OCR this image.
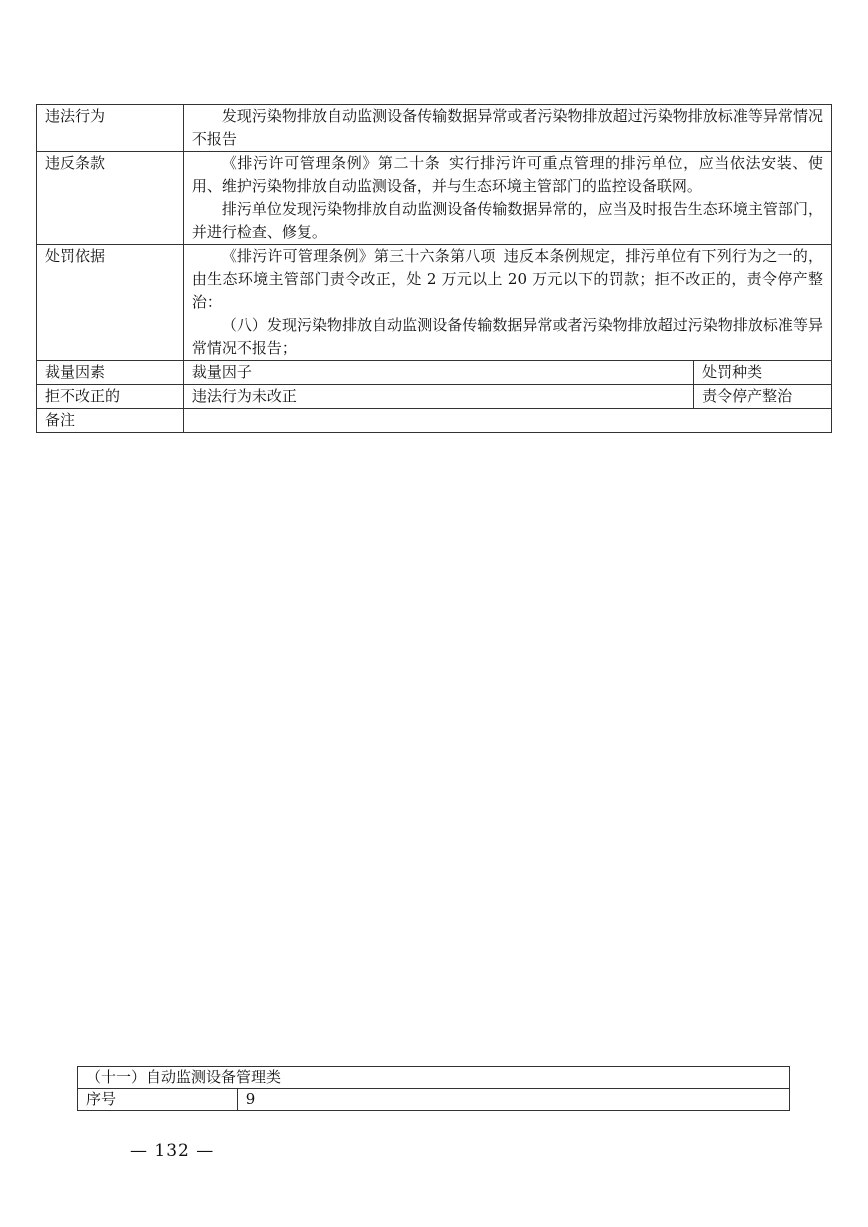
违法行为	发现污染物排放自动监测设备传输数据异常或者污染物排放超过污染物排放标准等异常情况不报告	

违反条款	《排污许可管理条例》第二十条 实行排污许可重点管理的排污单位，应当依法安装、使用、维护污染物排放自动监测设备，并与生态环境主管部门的监控设备联网。

排污单位发现污染物排放自动监测设备传输数据异常的，应当及时报告生态环境主管部门，并进行检查、修复。	

处罚依据	《排污许可管理条例》第三十六条第八项 违反本条例规定，排污单位有下列行为之一的，由生态环境主管部门责令改正，处 2 万元以上 20 万元以下的罚款；拒不改正的，责令停产整治：

（八）发现污染物排放自动监测设备传输数据异常或者污染物排放超过污染物排放标准等异常情况不报告；	

裁量因素	裁量因子	处罚种类
拒不改正的	违法行为未改正	责令停产整治
备注		
（十一）自动监测设备管理类
序号	9
— 132 —
